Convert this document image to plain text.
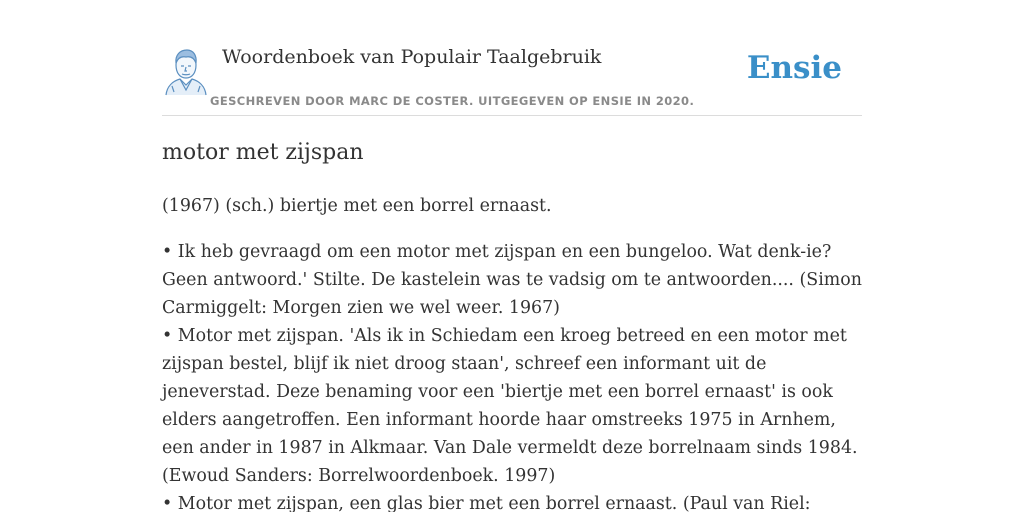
Woordenboek van Populair Taalgebruik
GESCHREVEN DOOR MARC DE COSTER. UITGEGEVEN OP ENSIE IN 2020.
Ensie
motor met zijspan

(1967) (sch.) biertje met een borrel ernaast.

• Ik heb gevraagd om een motor met zijspan en een bungeloo. Wat denk-ie? Geen antwoord.' Stilte. De kastelein was te vadsig om te antwoorden.... (Simon Carmiggelt: Morgen zien we wel weer. 1967)

• Motor met zijspan. 'Als ik in Schiedam een kroeg betreed en een motor met zijspan bestel, blijf ik niet droog staan', schreef een informant uit de jeneverstad. Deze benaming voor een 'biertje met een borrel ernaast' is ook elders aangetroffen. Een informant hoorde haar omstreeks 1975 in Arnhem, een ander in 1987 in Alkmaar. Van Dale vermeldt deze borrelnaam sinds 1984. (Ewoud Sanders: Borrelwoordenboek. 1997)

• Motor met zijspan, een glas bier met een borrel ernaast. (Paul van Riel:
